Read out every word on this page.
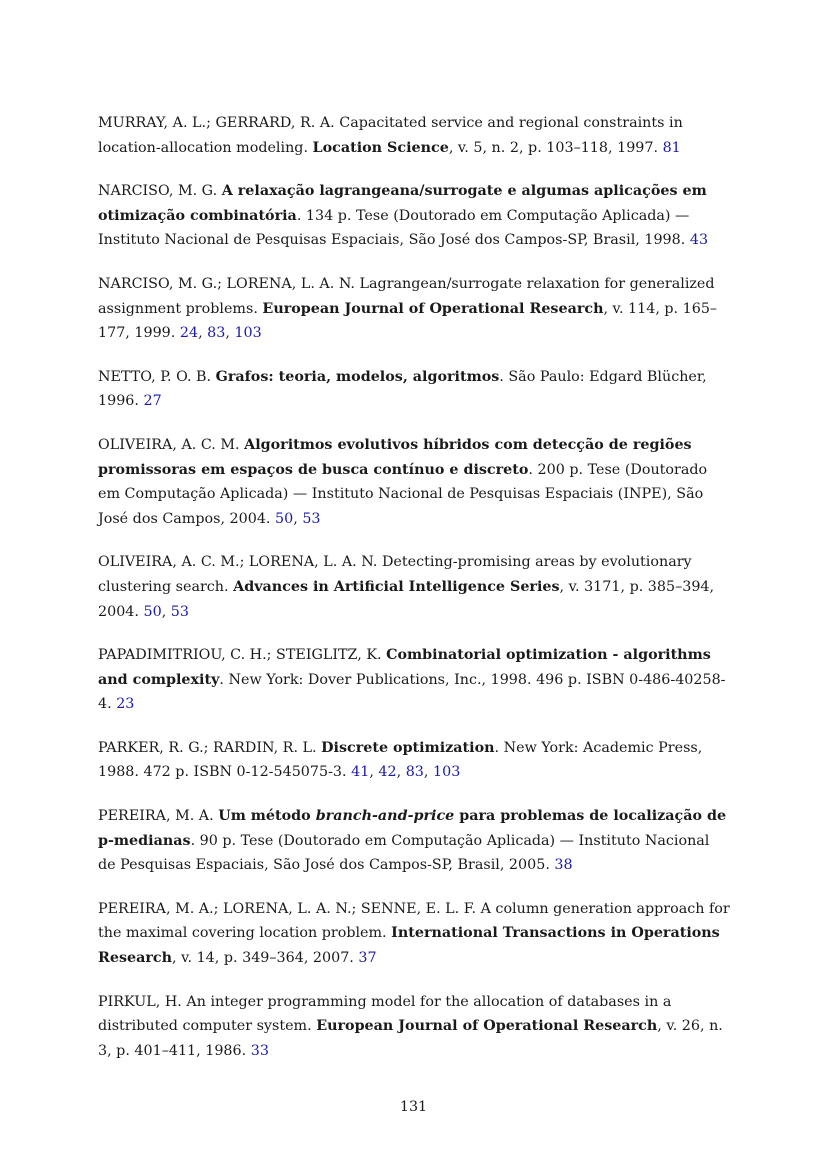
MURRAY, A. L.; GERRARD, R. A. Capacitated service and regional constraints in location-allocation modeling. Location Science, v. 5, n. 2, p. 103–118, 1997. 81

NARCISO, M. G. A relaxação lagrangeana/surrogate e algumas aplicações em otimização combinatória. 134 p. Tese (Doutorado em Computação Aplicada) — Instituto Nacional de Pesquisas Espaciais, São José dos Campos-SP, Brasil, 1998. 43

NARCISO, M. G.; LORENA, L. A. N. Lagrangean/surrogate relaxation for generalized assignment problems. European Journal of Operational Research, v. 114, p. 165–177, 1999. 24, 83, 103

NETTO, P. O. B. Grafos: teoria, modelos, algoritmos. São Paulo: Edgard Blücher, 1996. 27

OLIVEIRA, A. C. M. Algoritmos evolutivos híbridos com detecção de regiões promissoras em espaços de busca contínuo e discreto. 200 p. Tese (Doutorado em Computação Aplicada) — Instituto Nacional de Pesquisas Espaciais (INPE), São José dos Campos, 2004. 50, 53

OLIVEIRA, A. C. M.; LORENA, L. A. N. Detecting-promising areas by evolutionary clustering search. Advances in Artificial Intelligence Series, v. 3171, p. 385–394, 2004. 50, 53

PAPADIMITRIOU, C. H.; STEIGLITZ, K. Combinatorial optimization - algorithms and complexity. New York: Dover Publications, Inc., 1998. 496 p. ISBN 0-486-40258-4. 23

PARKER, R. G.; RARDIN, R. L. Discrete optimization. New York: Academic Press, 1988. 472 p. ISBN 0-12-545075-3. 41, 42, 83, 103

PEREIRA, M. A. Um método branch-and-price para problemas de localização de p-medianas. 90 p. Tese (Doutorado em Computação Aplicada) — Instituto Nacional de Pesquisas Espaciais, São José dos Campos-SP, Brasil, 2005. 38

PEREIRA, M. A.; LORENA, L. A. N.; SENNE, E. L. F. A column generation approach for the maximal covering location problem. International Transactions in Operations Research, v. 14, p. 349–364, 2007. 37

PIRKUL, H. An integer programming model for the allocation of databases in a distributed computer system. European Journal of Operational Research, v. 26, n. 3, p. 401–411, 1986. 33

131
